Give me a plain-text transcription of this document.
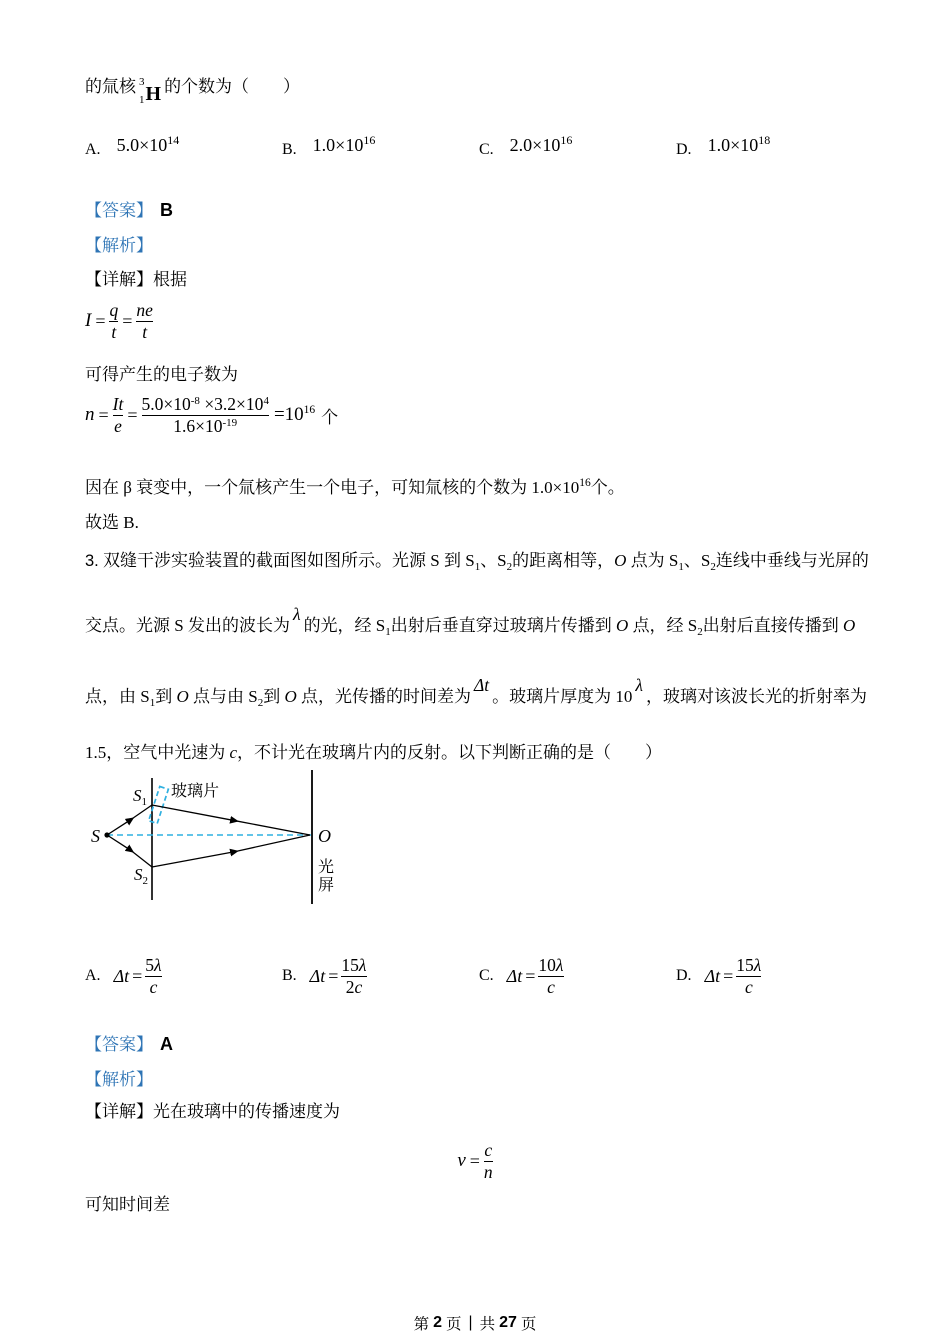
的氚核 3
1 H 的个数为（　　）
A. $5.0\times 10^{14}$
B. $1.0\times 10^{16}$
C. $2.0\times 10^{16}$
D. $1.0\times 10^{18}$
【答案】 B
【解析】
【详解】根据
$I = \frac{q}{t} = \frac{ne}{t}$
可得产生的电子数为
$n = \frac{It}{e} = \frac{5.0\times 10^{-8} \times 3.2\times 10^4}{1.6\times 10^{-19}} =10^{16}$ 个
因在 β 衰变中，一个氚核产生一个电子，可知氚核的个数为 $1.0\times 10^{16}$个。
故选 B.
3. 双缝干涉实验装置的截面图如图所示。光源 S 到 $S_1$、$S_2$的距离相等，O 点为 $S_1$、$S_2$连线中垂线与光屏的
交点。光源 S 发出的波长为λ的光，经 $S_1$出射后垂直穿过玻璃片传播到 O 点，经 $S_2$出射后直接传播到 O
点，由 $S_1$到 O 点与由 $S_2$到 O 点，光传播的时间差为Δt。玻璃片厚度为 10λ，玻璃对该波长光的折射率为
1.5，空气中光速为 c，不计光在玻璃片内的反射。以下判断正确的是（　　）
S
$S_1$
$S_2$
玻璃片
O
光
屏
A. $\Delta t = \frac{5\lambda}{c}$	B. $\Delta t = \frac{15\lambda}{2c}$	C. $\Delta t = \frac{10\lambda}{c}$	D. $\Delta t = \frac{15\lambda}{c}$
【答案】 A
【解析】
【详解】光在玻璃中的传播速度为
$v = \frac{c}{n}$
可知时间差
第 2 页 | 共 27 页
